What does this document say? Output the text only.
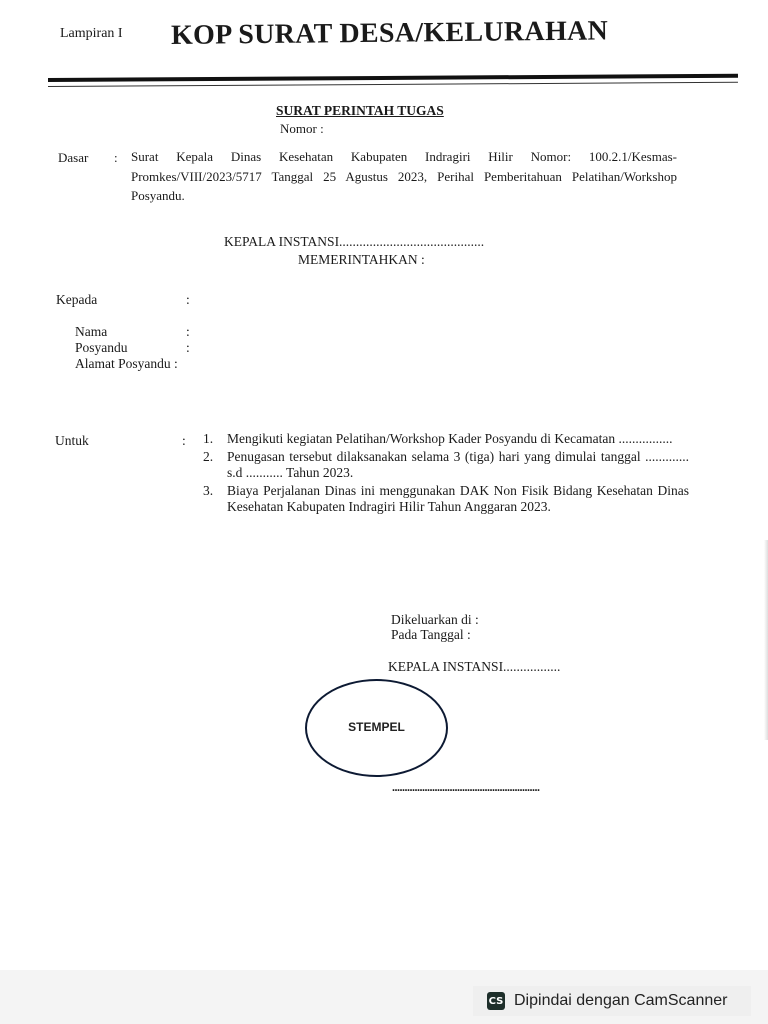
Lampiran I KOP SURAT DESA/KELURAHAN
SURAT PERINTAH TUGAS
Nomor :
Dasar : Surat Kepala Dinas Kesehatan Kabupaten Indragiri Hilir Nomor: 100.2.1/Kesmas-Promkes/VIII/2023/5717 Tanggal 25 Agustus 2023, Perihal Pemberitahuan Pelatihan/Workshop Posyandu.
KEPALA INSTANSI...........................................
MEMERINTAHKAN :
Kepada	:
Nama	:
Posyandu	:
Alamat Posyandu :
Untuk	: 1.	Mengikuti kegiatan Pelatihan/Workshop Kader Posyandu di Kecamatan ................
2.	Penugasan tersebut dilaksanakan selama 3 (tiga) hari yang dimulai tanggal ............. s.d ........... Tahun 2023.
3.	Biaya Perjalanan Dinas ini menggunakan DAK Non Fisik Bidang Kesehatan Dinas Kesehatan Kabupaten Indragiri Hilir Tahun Anggaran 2023.
Dikeluarkan di :
Pada Tanggal :
KEPALA INSTANSI.................
STEMPEL
...........................................................
CS Dipindai dengan CamScanner
